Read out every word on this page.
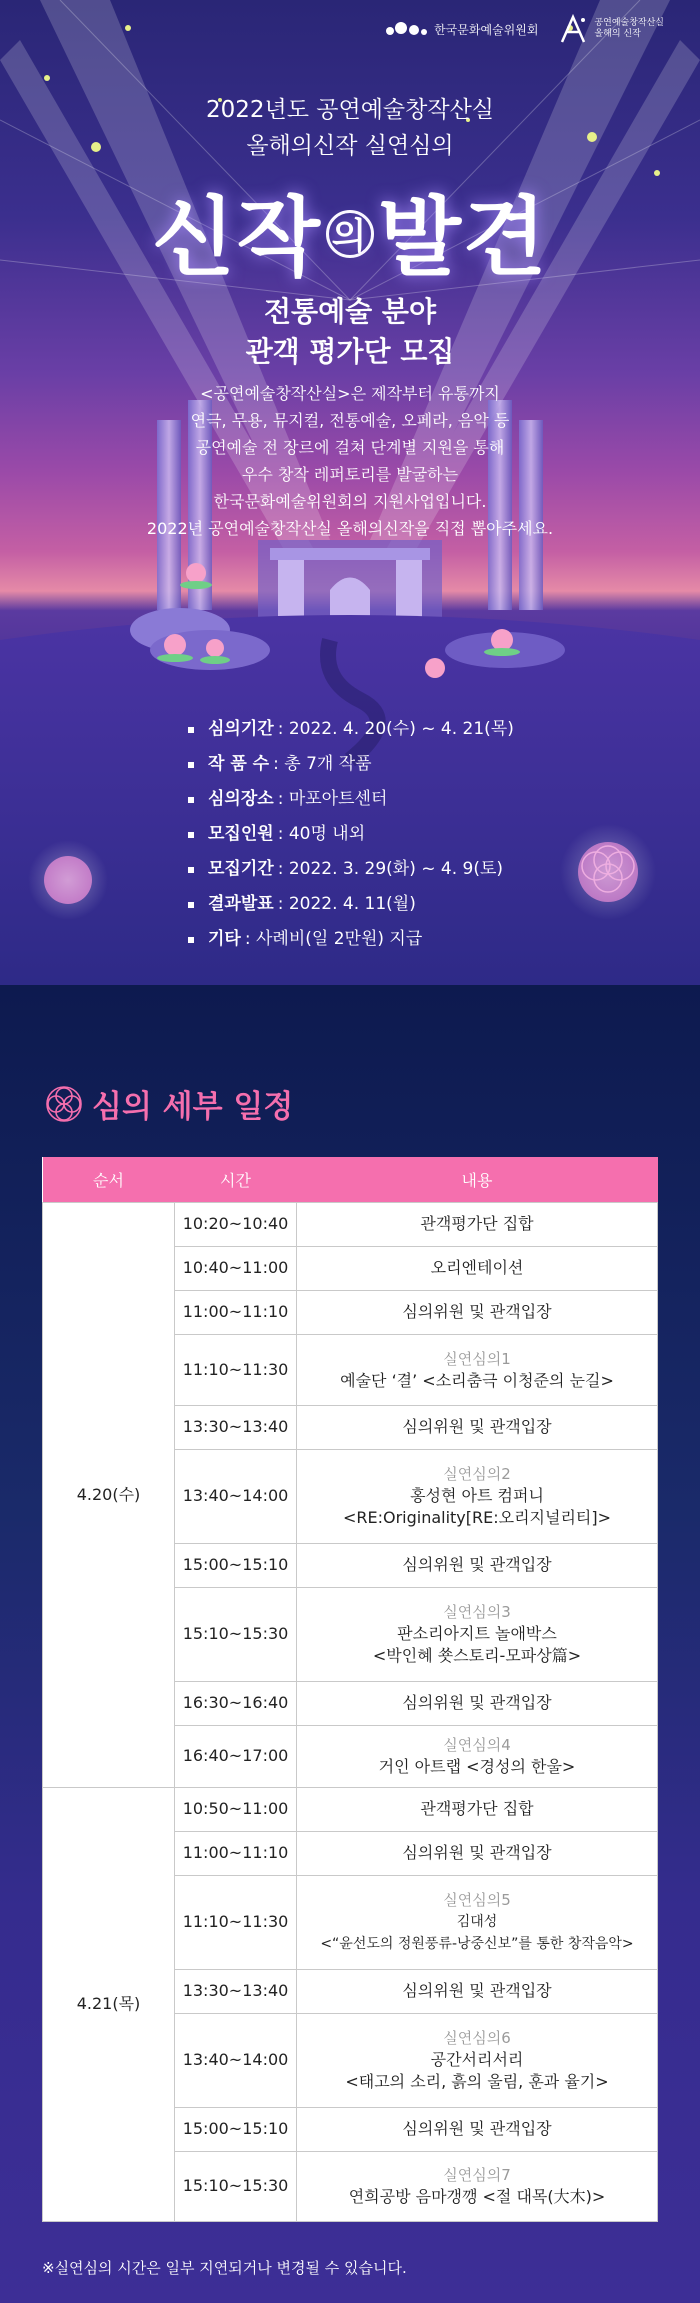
한국문화예술위원회	공연예술창작산실
올해의 신작
2022년도 공연예술창작산실
올해의신작 실연심의
신작 의 발견
전통예술 분야
관객 평가단 모집
<공연예술창작산실>은 제작부터 유통까지
연극, 무용, 뮤지컬, 전통예술, 오페라, 음악 등
공연예술 전 장르에 걸쳐 단계별 지원을 통해
우수 창작 레퍼토리를 발굴하는
한국문화예술위원회의 지원사업입니다.
2022년 공연예술창작산실 올해의신작을 직접 뽑아주세요.
심의기간 : 2022. 4. 20(수) ~ 4. 21(목)
작 품 수 : 총 7개 작품
심의장소 : 마포아트센터
모집인원 : 40명 내외
모집기간 : 2022. 3. 29(화) ~ 4. 9(토)
결과발표 : 2022. 4. 11(월)
기타 : 사례비(일 2만원) 지급
심의 세부 일정
순서	시간	내용
4.20(수)	10:20~10:40	관객평가단 집합

	10:40~11:00	오리엔테이션

	11:00~11:10	심의위원 및 관객입장

	11:10~11:30	실연심의1
예술단 ‘결’ <소리춤극 이청준의 눈길>

	13:30~13:40	심의위원 및 관객입장

	13:40~14:00	실연심의2
홍성현 아트 컴퍼니
<RE:Originality[RE:오리지널리티]>

	15:00~15:10	심의위원 및 관객입장

	15:10~15:30	실연심의3
판소리아지트 놀애박스
<박인혜 쑛스토리-모파상篇>

	16:30~16:40	심의위원 및 관객입장

	16:40~17:00	실연심의4
거인 아트랩 <경성의 한울>

4.21(목)	10:50~11:00	관객평가단 집합

	11:00~11:10	심의위원 및 관객입장

	11:10~11:30	실연심의5
김대성
<“윤선도의 정원풍류-낭중신보”를 통한 창작음악>

	13:30~13:40	심의위원 및 관객입장

	13:40~14:00	실연심의6
공간서리서리
<태고의 소리, 흙의 울림, 훈과 율기>

	15:00~15:10	심의위원 및 관객입장

	15:10~15:30	실연심의7
연희공방 음마갱깽 <절 대목(大木)>
※실연심의 시간은 일부 지연되거나 변경될 수 있습니다.
